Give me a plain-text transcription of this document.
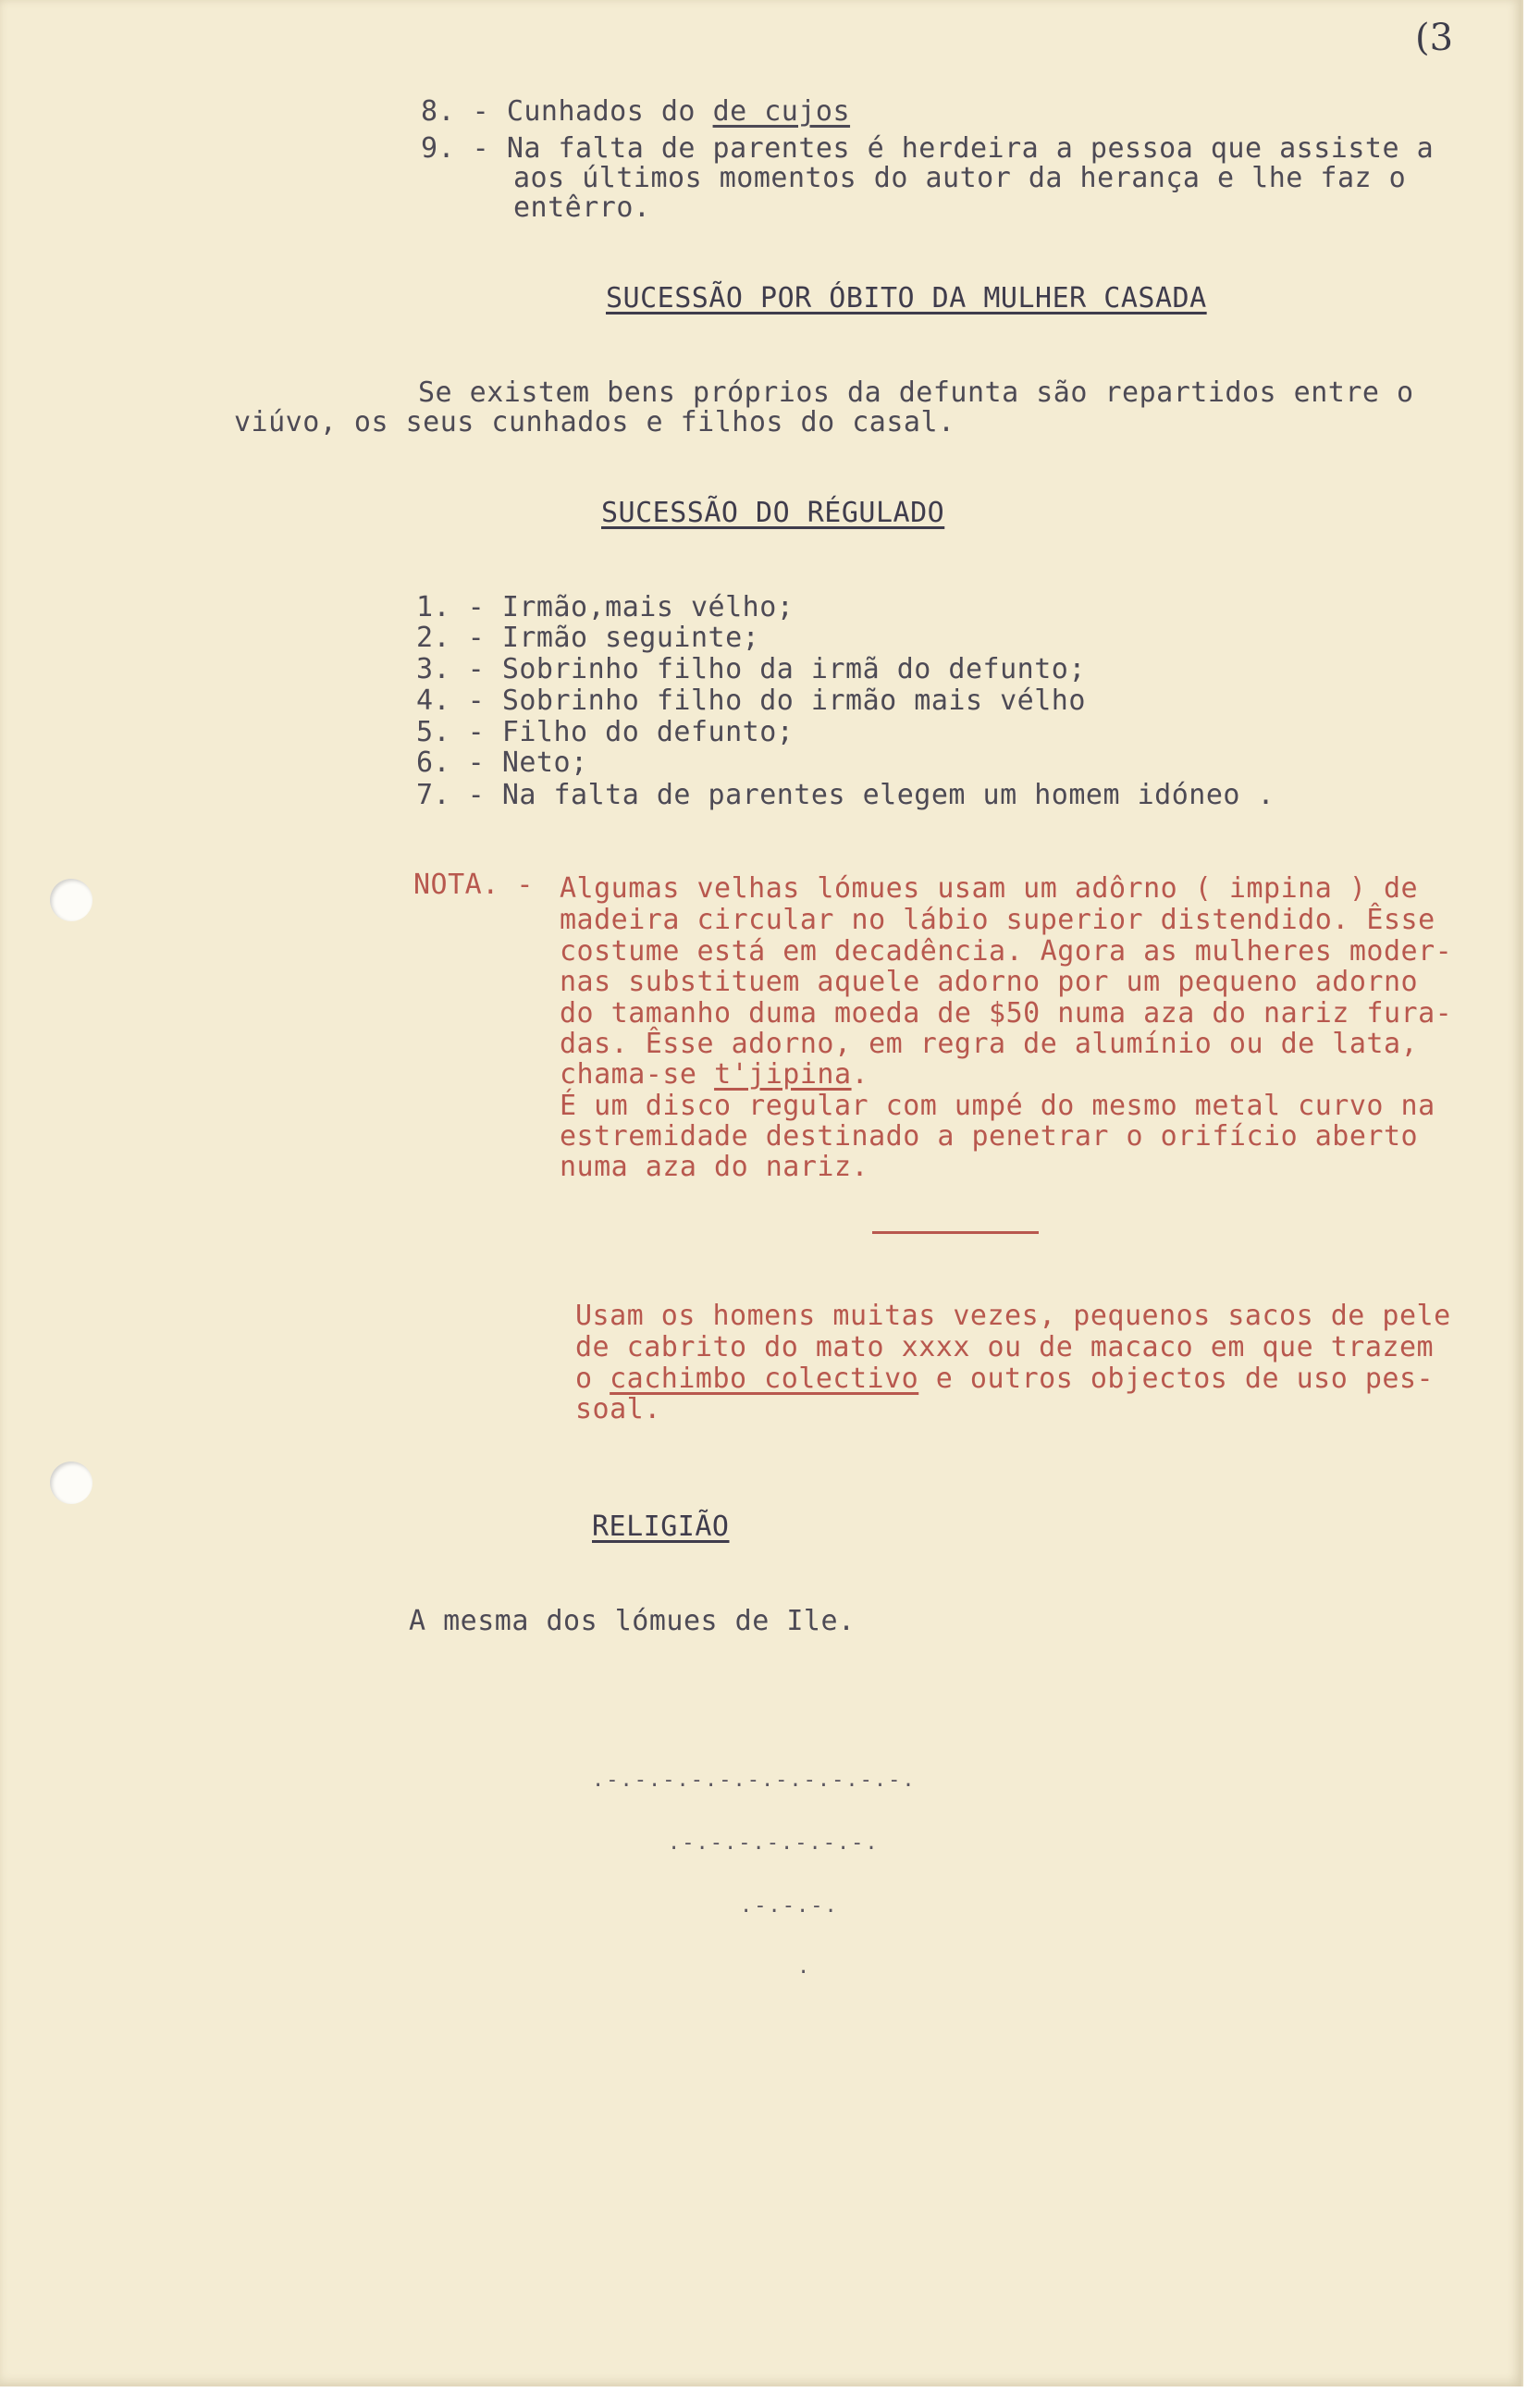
(3
8. - Cunhados do de cujos
9. - Na falta de parentes é herdeira a pessoa que assiste a
aos últimos momentos do autor da herança e lhe faz o
entêrro.
SUCESSÃO POR ÓBITO DA MULHER CASADA
Se existem bens próprios da defunta são repartidos entre o
viúvo, os seus cunhados e filhos do casal.
SUCESSÃO DO RÉGULADO
1. - Irmão,mais vélho;
2. - Irmão seguinte;
3. - Sobrinho filho da irmã do defunto;
4. - Sobrinho filho do irmão mais vélho
5. - Filho do defunto;
6. - Neto;
7. - Na falta de parentes elegem um homem idóneo .
NOTA. - Algumas velhas lómues usam um adôrno ( impina ) de
madeira circular no lábio superior distendido. Êsse
costume está em decadência. Agora as mulheres moder-
nas substituem aquele adorno por um pequeno adorno
do tamanho duma moeda de $50 numa aza do nariz fura-
das. Êsse adorno, em regra de alumínio ou de lata,
chama-se t'jipina.
É um disco regular com umpé do mesmo metal curvo na
estremidade destinado a penetrar o orifício aberto
numa aza do nariz.
Usam os homens muitas vezes, pequenos sacos de pele
de cabrito do mato xxxx ou de macaco em que trazem
o cachimbo colectivo e outros objectos de uso pes-
soal.
RELIGIÃO
A mesma dos lómues de Ile.
.-.-.-.-.-.-.-.-.-.-.-.
.-.-.-.-.-.-.-.
.-.-.-.
.
